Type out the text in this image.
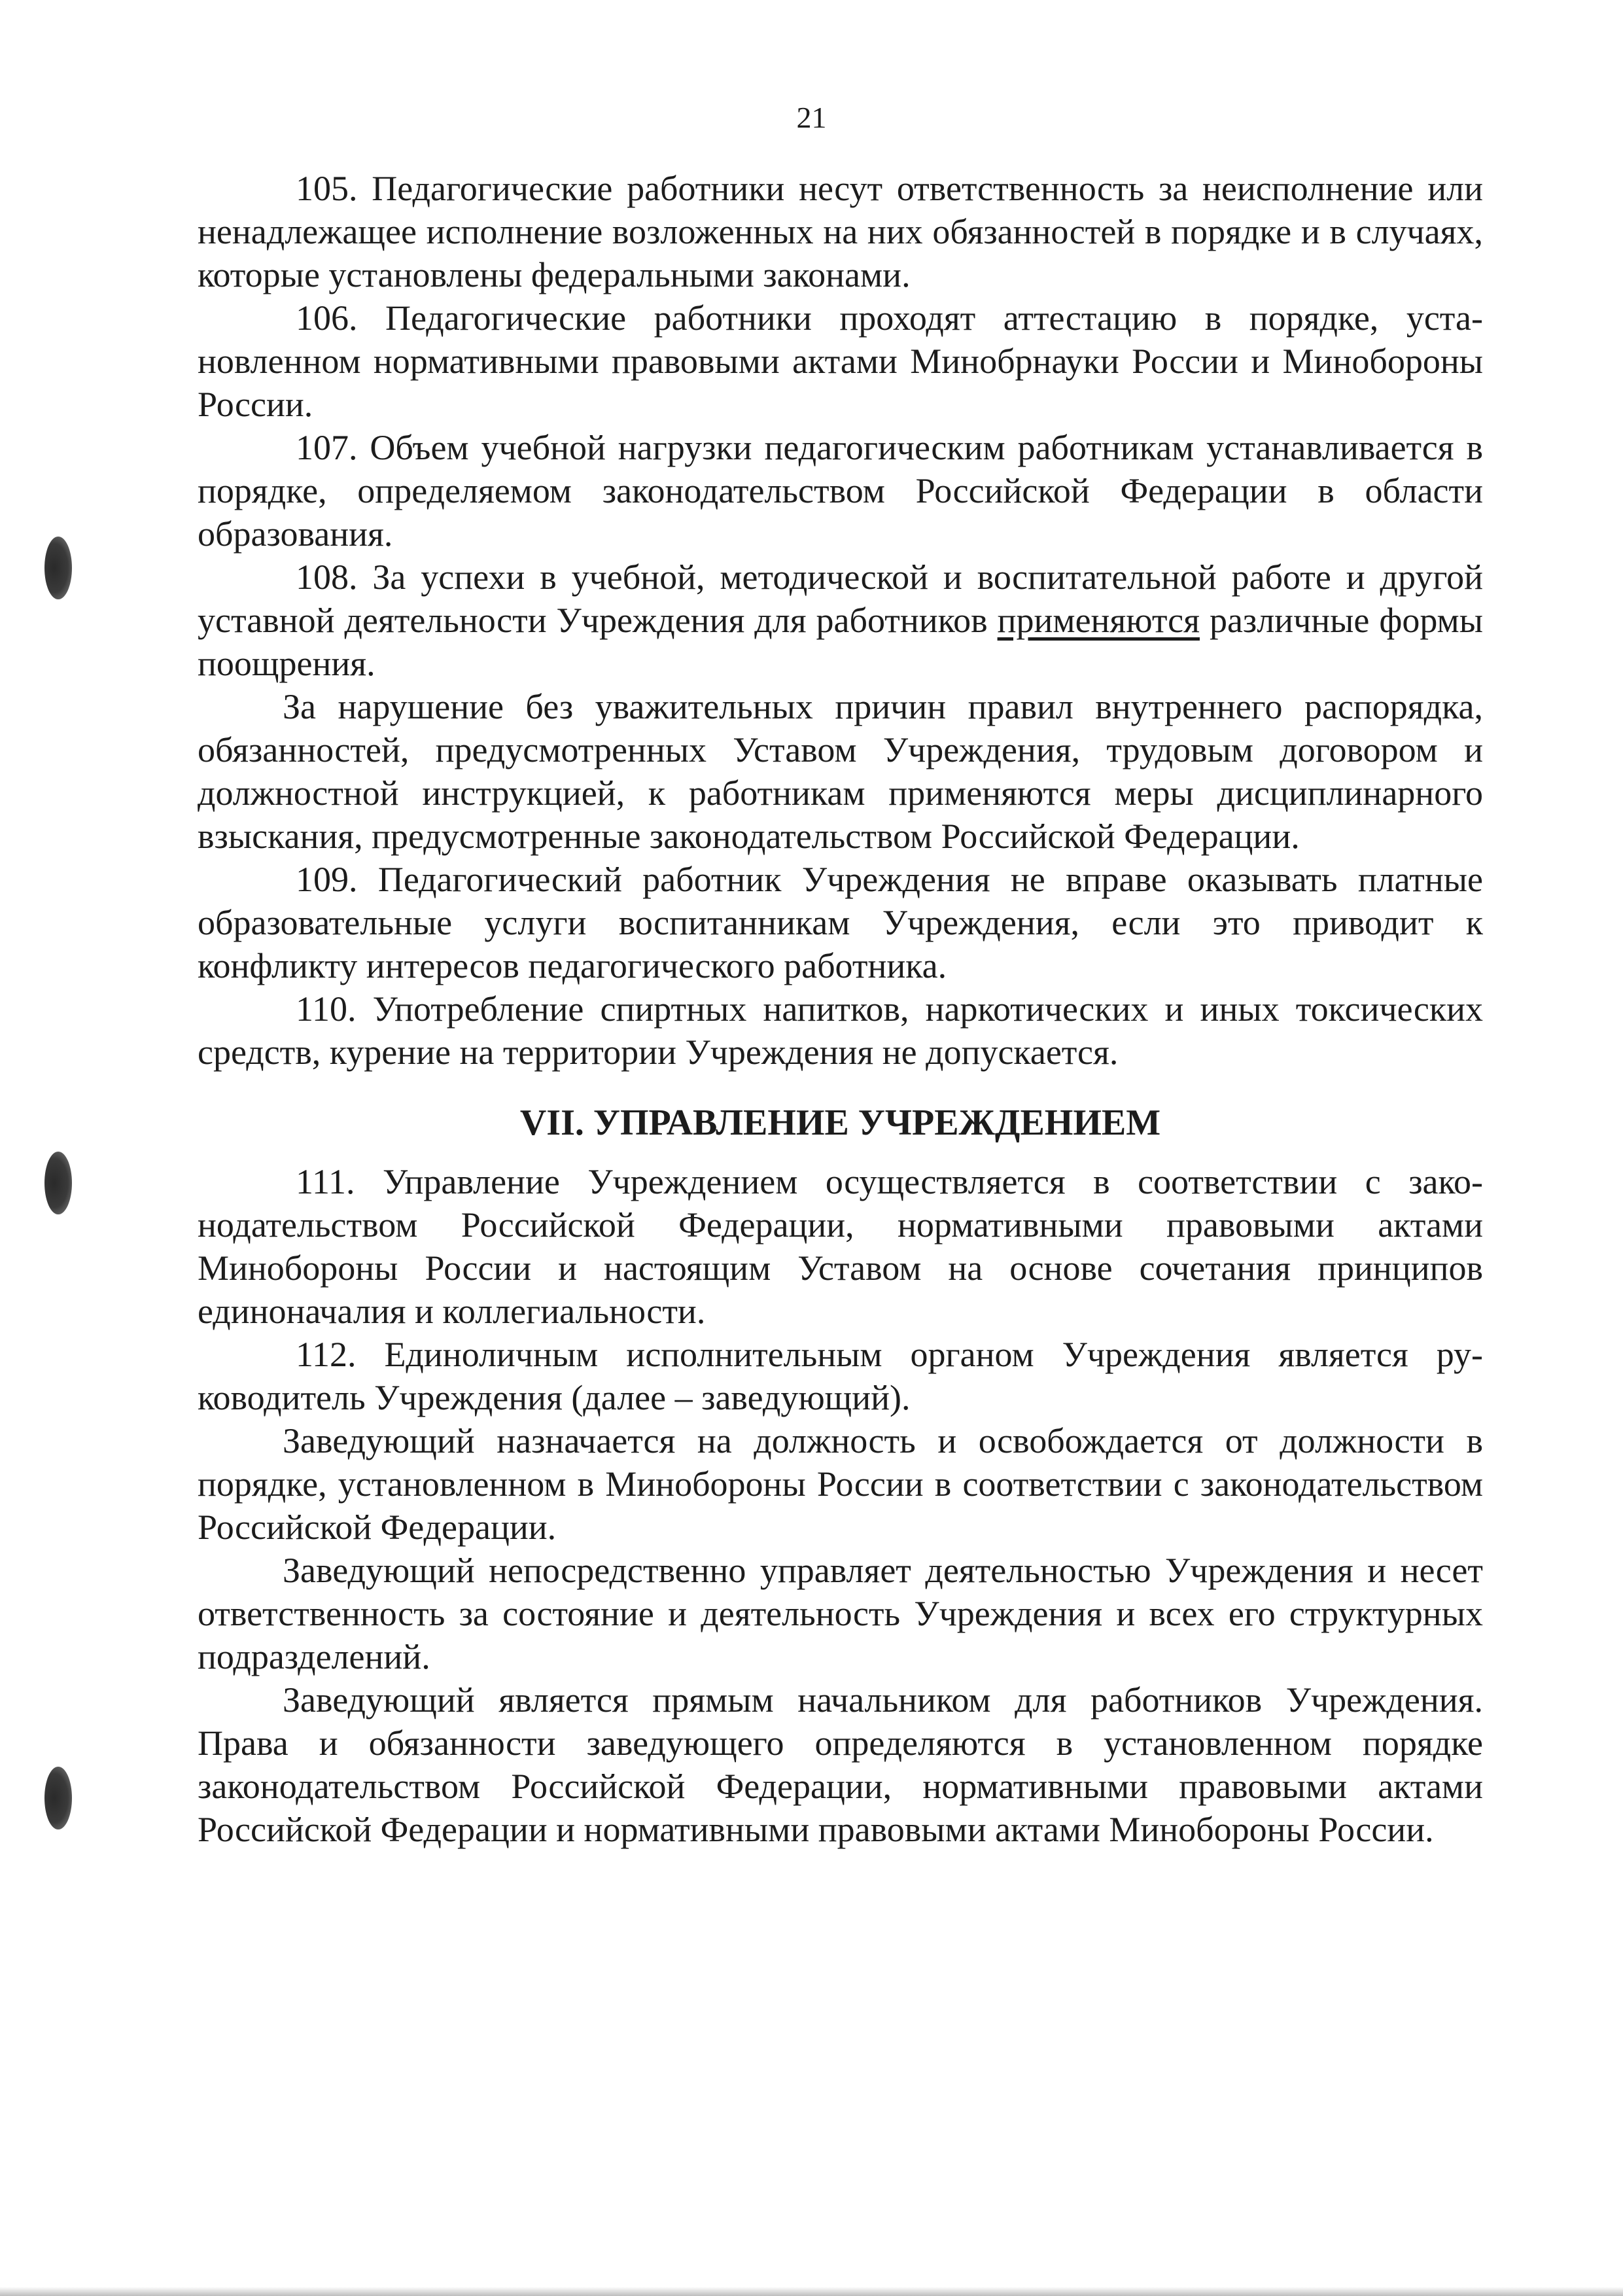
21

105. Педагогические работники несут ответственность за неисполнение или ненадлежащее исполнение возложенных на них обязанностей в порядке и в случаях, которые установлены федеральными законами.

106. Педагогические работники проходят аттестацию в порядке, установленном нормативными правовыми актами Минобрнауки России и Минобороны России.

107. Объем учебной нагрузки педагогическим работникам устанавливается в порядке, определяемом законодательством Российской Федерации в области образования.

108. За успехи в учебной, методической и воспитательной работе и другой уставной деятельности Учреждения для работников применяются различные формы поощрения.

За нарушение без уважительных причин правил внутреннего распорядка, обязанностей, предусмотренных Уставом Учреждения, трудовым договором и должностной инструкцией, к работникам применяются меры дисциплинарного взыскания, предусмотренные законодательством Российской Федерации.

109. Педагогический работник Учреждения не вправе оказывать платные образовательные услуги воспитанникам Учреждения, если это приводит к конфликту интересов педагогического работника.

110. Употребление спиртных напитков, наркотических и иных токсических средств, курение на территории Учреждения не допускается.

VII. УПРАВЛЕНИЕ УЧРЕЖДЕНИЕМ

111. Управление Учреждением осуществляется в соответствии с законодательством Российской Федерации, нормативными правовыми актами Минобороны России и настоящим Уставом на основе сочетания принципов единоначалия и коллегиальности.

112. Единоличным исполнительным органом Учреждения является руководитель Учреждения (далее – заведующий).

Заведующий назначается на должность и освобождается от должности в порядке, установленном в Минобороны России в соответствии с законодательством Российской Федерации.

Заведующий непосредственно управляет деятельностью Учреждения и несет ответственность за состояние и деятельность Учреждения и всех его структурных подразделений.

Заведующий является прямым начальником для работников Учреждения. Права и обязанности заведующего определяются в установленном порядке законодательством Российской Федерации, нормативными правовыми актами Российской Федерации и нормативными правовыми актами Минобороны России.
